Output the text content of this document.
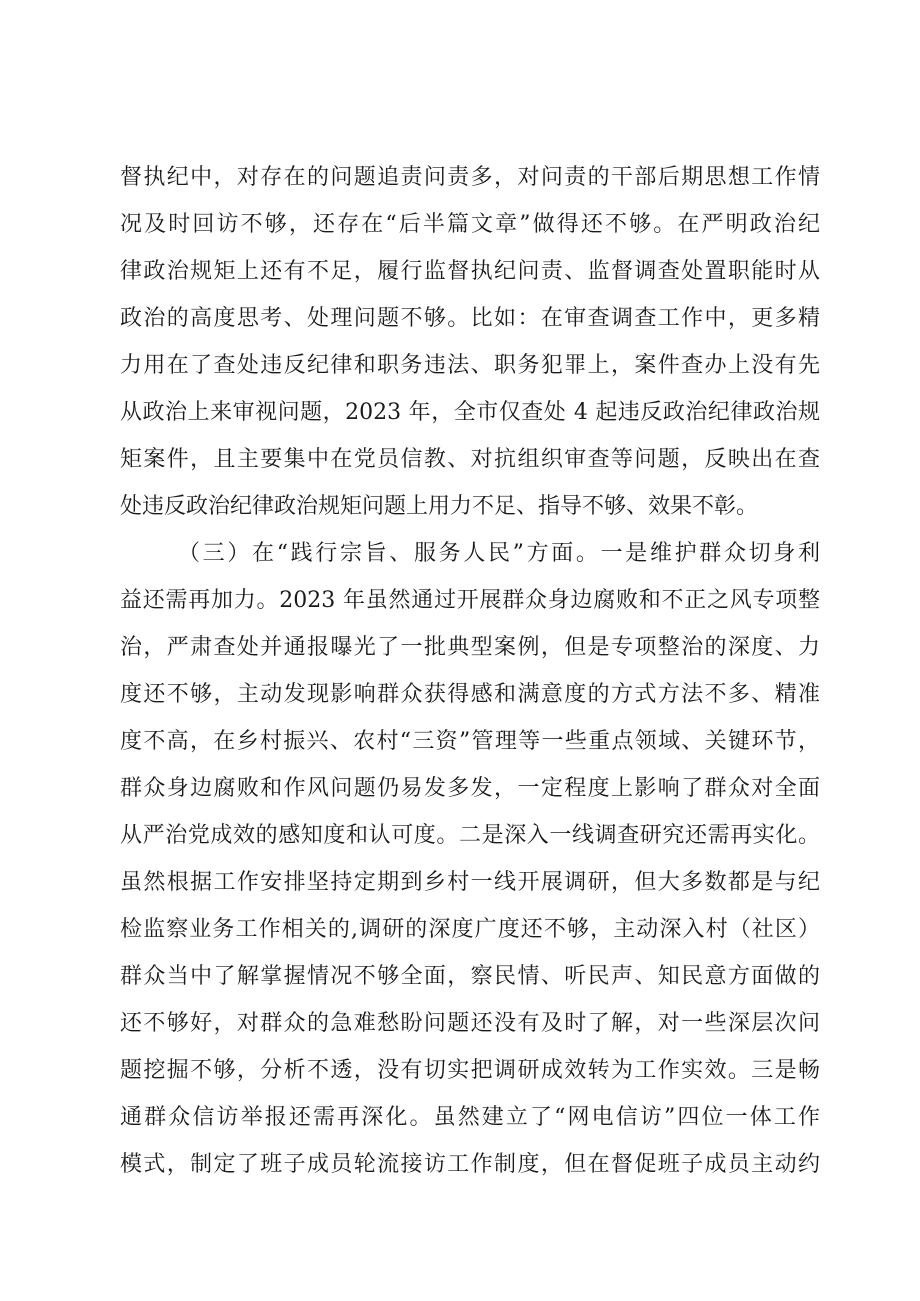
督执纪中，对存在的问题追责问责多，对问责的干部后期思想工作情
况及时回访不够，还存在“后半篇文章”做得还不够。在严明政治纪
律政治规矩上还有不足，履行监督执纪问责、监督调查处置职能时从
政治的高度思考、处理问题不够。比如：在审查调查工作中，更多精
力用在了查处违反纪律和职务违法、职务犯罪上，案件查办上没有先
从政治上来审视问题，2023 年，全市仅查处 4 起违反政治纪律政治规
矩案件，且主要集中在党员信教、对抗组织审查等问题，反映出在查
处违反政治纪律政治规矩问题上用力不足、指导不够、效果不彰。
（三）在“践行宗旨、服务人民”方面。一是维护群众切身利
益还需再加力。2023 年虽然通过开展群众身边腐败和不正之风专项整
治，严肃查处并通报曝光了一批典型案例，但是专项整治的深度、力
度还不够，主动发现影响群众获得感和满意度的方式方法不多、精准
度不高，在乡村振兴、农村“三资”管理等一些重点领域、关键环节，
群众身边腐败和作风问题仍易发多发，一定程度上影响了群众对全面
从严治党成效的感知度和认可度。二是深入一线调查研究还需再实化。
虽然根据工作安排坚持定期到乡村一线开展调研，但大多数都是与纪
检监察业务工作相关的,调研的深度广度还不够，主动深入村（社区）
群众当中了解掌握情况不够全面，察民情、听民声、知民意方面做的
还不够好，对群众的急难愁盼问题还没有及时了解，对一些深层次问
题挖掘不够，分析不透，没有切实把调研成效转为工作实效。三是畅
通群众信访举报还需再深化。虽然建立了“网电信访”四位一体工作
模式，制定了班子成员轮流接访工作制度，但在督促班子成员主动约
